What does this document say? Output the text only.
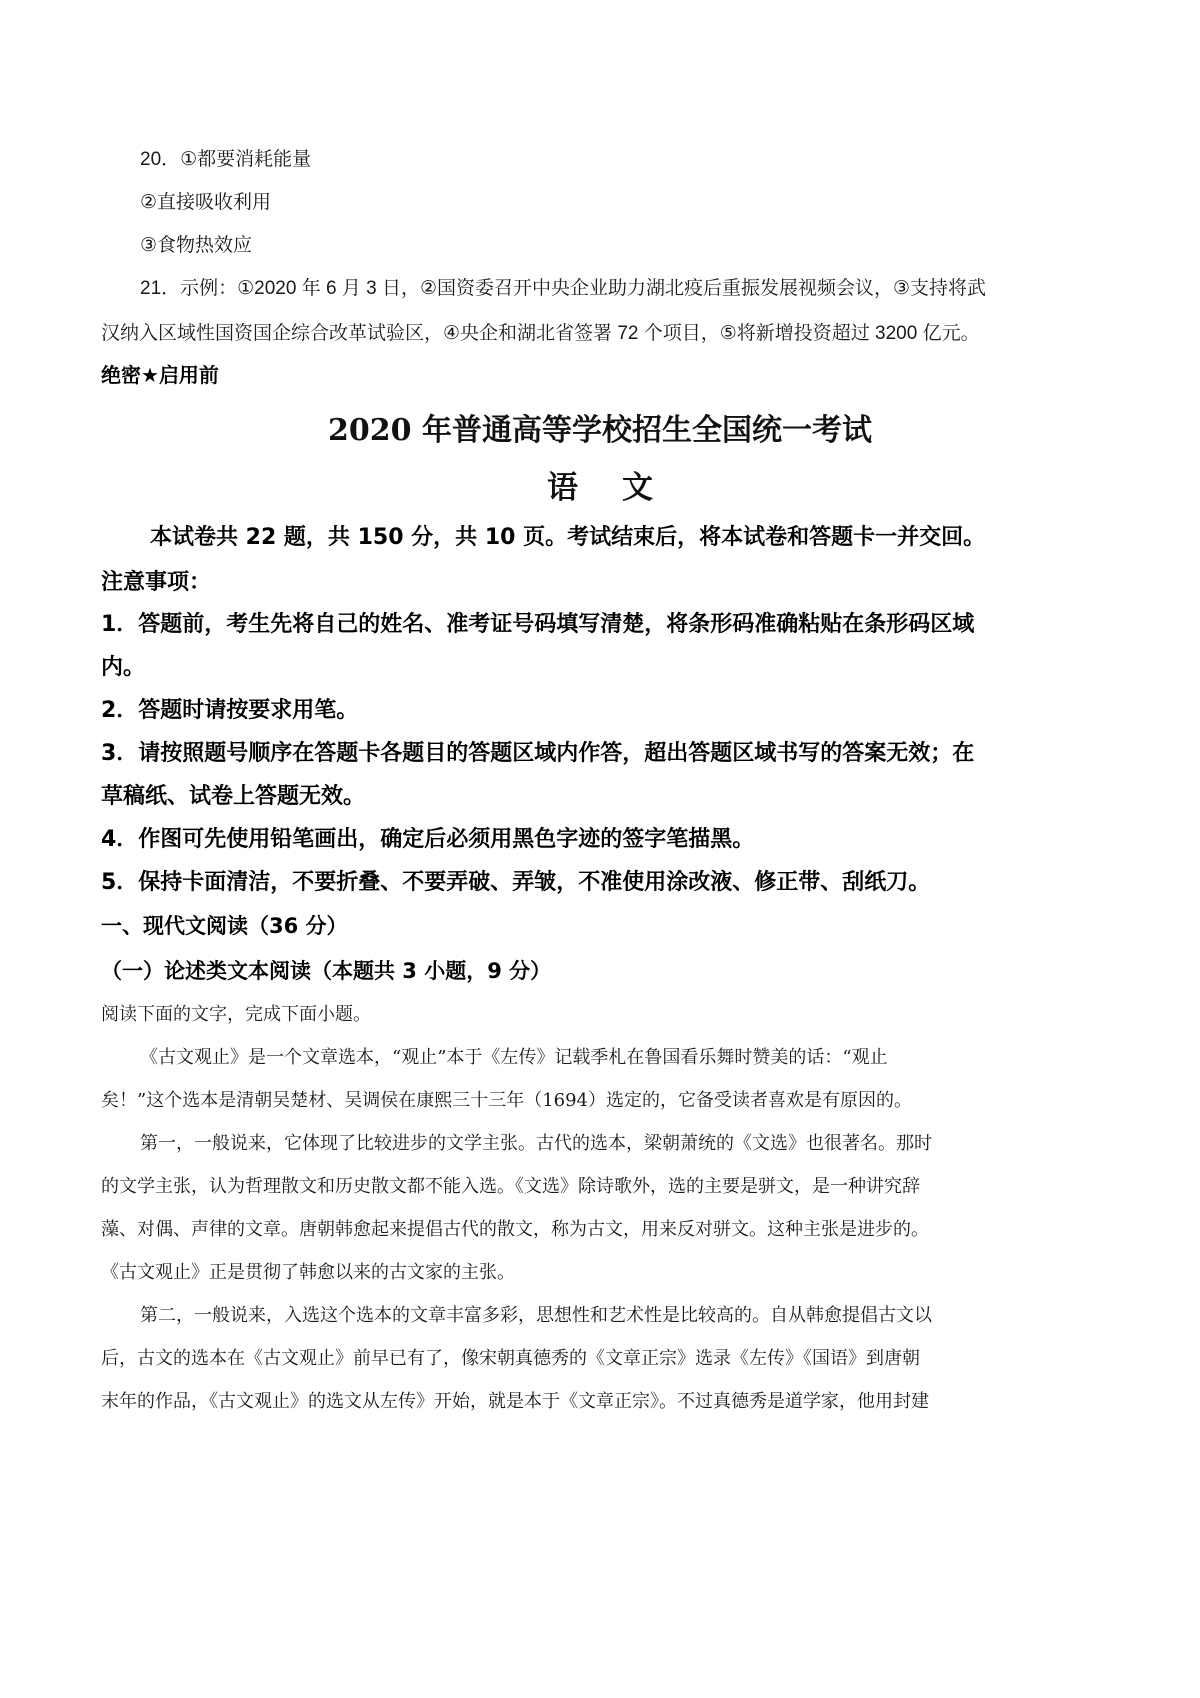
20．①都要消耗能量
②直接吸收利用
③食物热效应
21．示例：①2020 年 6 月 3 日，②国资委召开中央企业助力湖北疫后重振发展视频会议，③支持将武
汉纳入区域性国资国企综合改革试验区，④央企和湖北省签署 72 个项目，⑤将新增投资超过 3200 亿元。
绝密★启用前
2020 年普通高等学校招生全国统一考试
语文
本试卷共 22 题，共 150 分，共 10 页。考试结束后，将本试卷和答题卡一并交回。
注意事项：
1．答题前，考生先将自己的姓名、准考证号码填写清楚，将条形码准确粘贴在条形码区域
内。
2．答题时请按要求用笔。
3．请按照题号顺序在答题卡各题目的答题区域内作答，超出答题区域书写的答案无效；在
草稿纸、试卷上答题无效。
4．作图可先使用铅笔画出，确定后必须用黑色字迹的签字笔描黑。
5．保持卡面清洁，不要折叠、不要弄破、弄皱，不准使用涂改液、修正带、刮纸刀。
一、现代文阅读（36 分）
（一）论述类文本阅读（本题共 3 小题，9 分）
阅读下面的文字，完成下面小题。
《古文观止》是一个文章选本，“观止”本于《左传》记载季札在鲁国看乐舞时赞美的话：“观止
矣！”这个选本是清朝吴楚材、吴调侯在康熙三十三年（1694）选定的，它备受读者喜欢是有原因的。
第一，一般说来，它体现了比较进步的文学主张。古代的选本，梁朝萧统的《文选》也很著名。那时
的文学主张，认为哲理散文和历史散文都不能入选。《文选》除诗歌外，选的主要是骈文，是一种讲究辞
藻、对偶、声律的文章。唐朝韩愈起来提倡古代的散文，称为古文，用来反对骈文。这种主张是进步的。
《古文观止》正是贯彻了韩愈以来的古文家的主张。
第二，一般说来，入选这个选本的文章丰富多彩，思想性和艺术性是比较高的。自从韩愈提倡古文以
后，古文的选本在《古文观止》前早已有了，像宋朝真德秀的《文章正宗》选录《左传》《国语》到唐朝
末年的作品，《古文观止》的选文从左传》开始，就是本于《文章正宗》。不过真德秀是道学家，他用封建
